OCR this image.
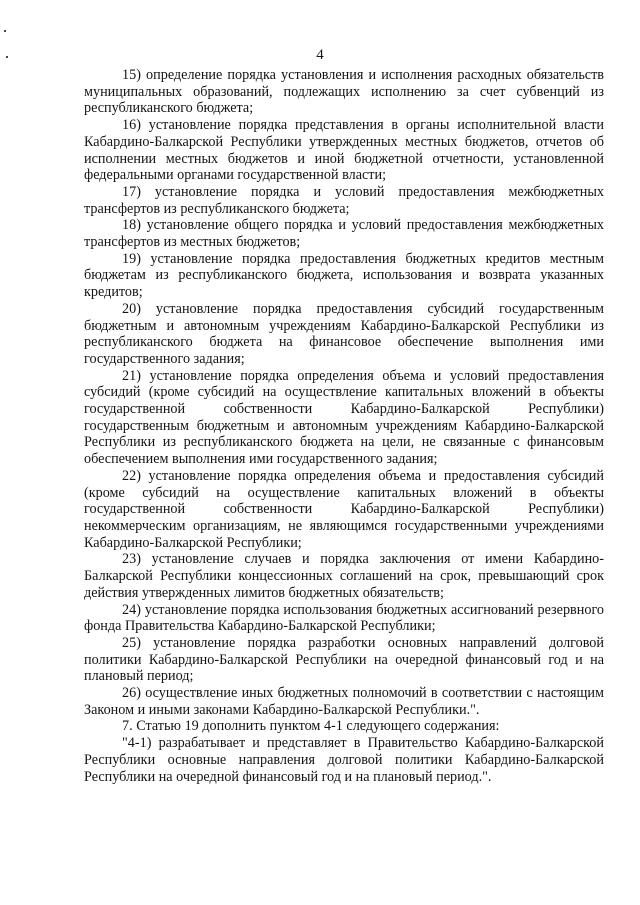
4

15) определение порядка установления и исполнения расходных обязательств муниципальных образований, подлежащих исполнению за счет субвенций из республиканского бюджета;

16) установление порядка представления в органы исполнительной власти Кабардино-Балкарской Республики утвержденных местных бюджетов, отчетов об исполнении местных бюджетов и иной бюджетной отчетности, установленной федеральными органами государственной власти;

17) установление порядка и условий предоставления межбюджетных трансфертов из республиканского бюджета;

18) установление общего порядка и условий предоставления межбюджетных трансфертов из местных бюджетов;

19) установление порядка предоставления бюджетных кредитов местным бюджетам из республиканского бюджета, использования и возврата указанных кредитов;

20) установление порядка предоставления субсидий государственным бюджетным и автономным учреждениям Кабардино-Балкарской Республики из республиканского бюджета на финансовое обеспечение выполнения ими государственного задания;

21) установление порядка определения объема и условий предоставления субсидий (кроме субсидий на осуществление капитальных вложений в объекты государственной собственности Кабардино-Балкарской Республики) государственным бюджетным и автономным учреждениям Кабардино-Балкарской Республики из республиканского бюджета на цели, не связанные с финансовым обеспечением выполнения ими государственного задания;

22) установление порядка определения объема и предоставления субсидий (кроме субсидий на осуществление капитальных вложений в объекты государственной собственности Кабардино-Балкарской Республики) некоммерческим организациям, не являющимся государственными учреждениями Кабардино-Балкарской Республики;

23) установление случаев и порядка заключения от имени Кабардино-Балкарской Республики концессионных соглашений на срок, превышающий срок действия утвержденных лимитов бюджетных обязательств;

24) установление порядка использования бюджетных ассигнований резервного фонда Правительства Кабардино-Балкарской Республики;

25) установление порядка разработки основных направлений долговой политики Кабардино-Балкарской Республики на очередной финансовый год и на плановый период;

26) осуществление иных бюджетных полномочий в соответствии с настоящим Законом и иными законами Кабардино-Балкарской Республики.".

7. Статью 19 дополнить пунктом 4-1 следующего содержания:

"4-1) разрабатывает и представляет в Правительство Кабардино-Балкарской Республики основные направления долговой политики Кабардино-Балкарской Республики на очередной финансовый год и на плановый период.".
